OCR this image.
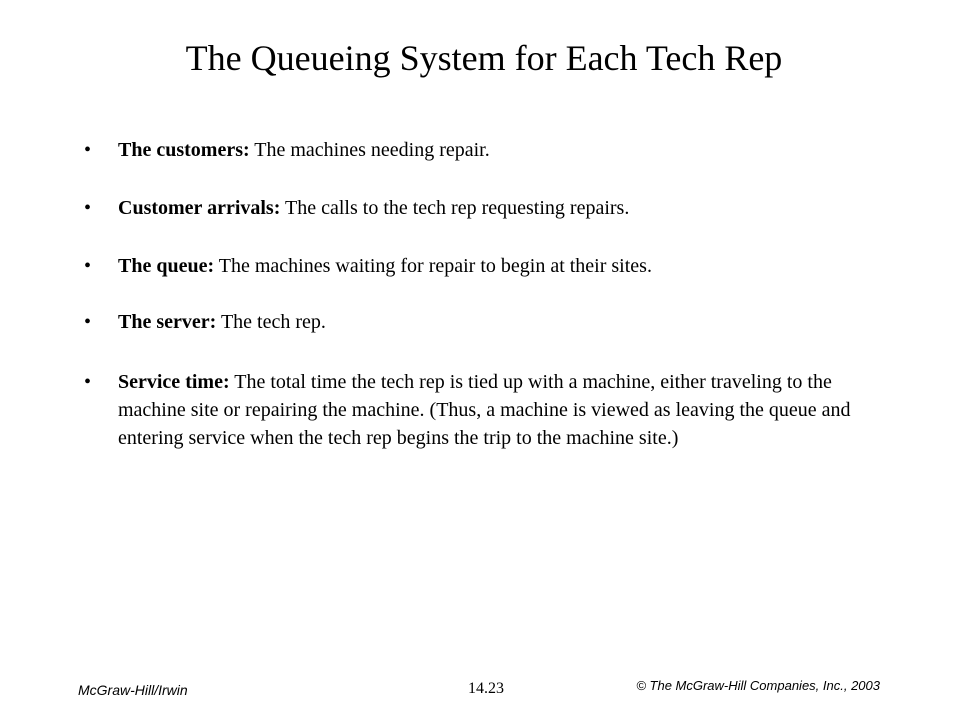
The Queueing System for Each Tech Rep
•	The customers: The machines needing repair.
•	Customer arrivals: The calls to the tech rep requesting repairs.
•	The queue: The machines waiting for repair to begin at their sites.
•	The server: The tech rep.
•	Service time: The total time the tech rep is tied up with a machine, either traveling to the machine site or repairing the machine. (Thus, a machine is viewed as leaving the queue and entering service when the tech rep begins the trip to the machine site.)
McGraw-Hill/Irwin	14.23	© The McGraw-Hill Companies, Inc., 2003
